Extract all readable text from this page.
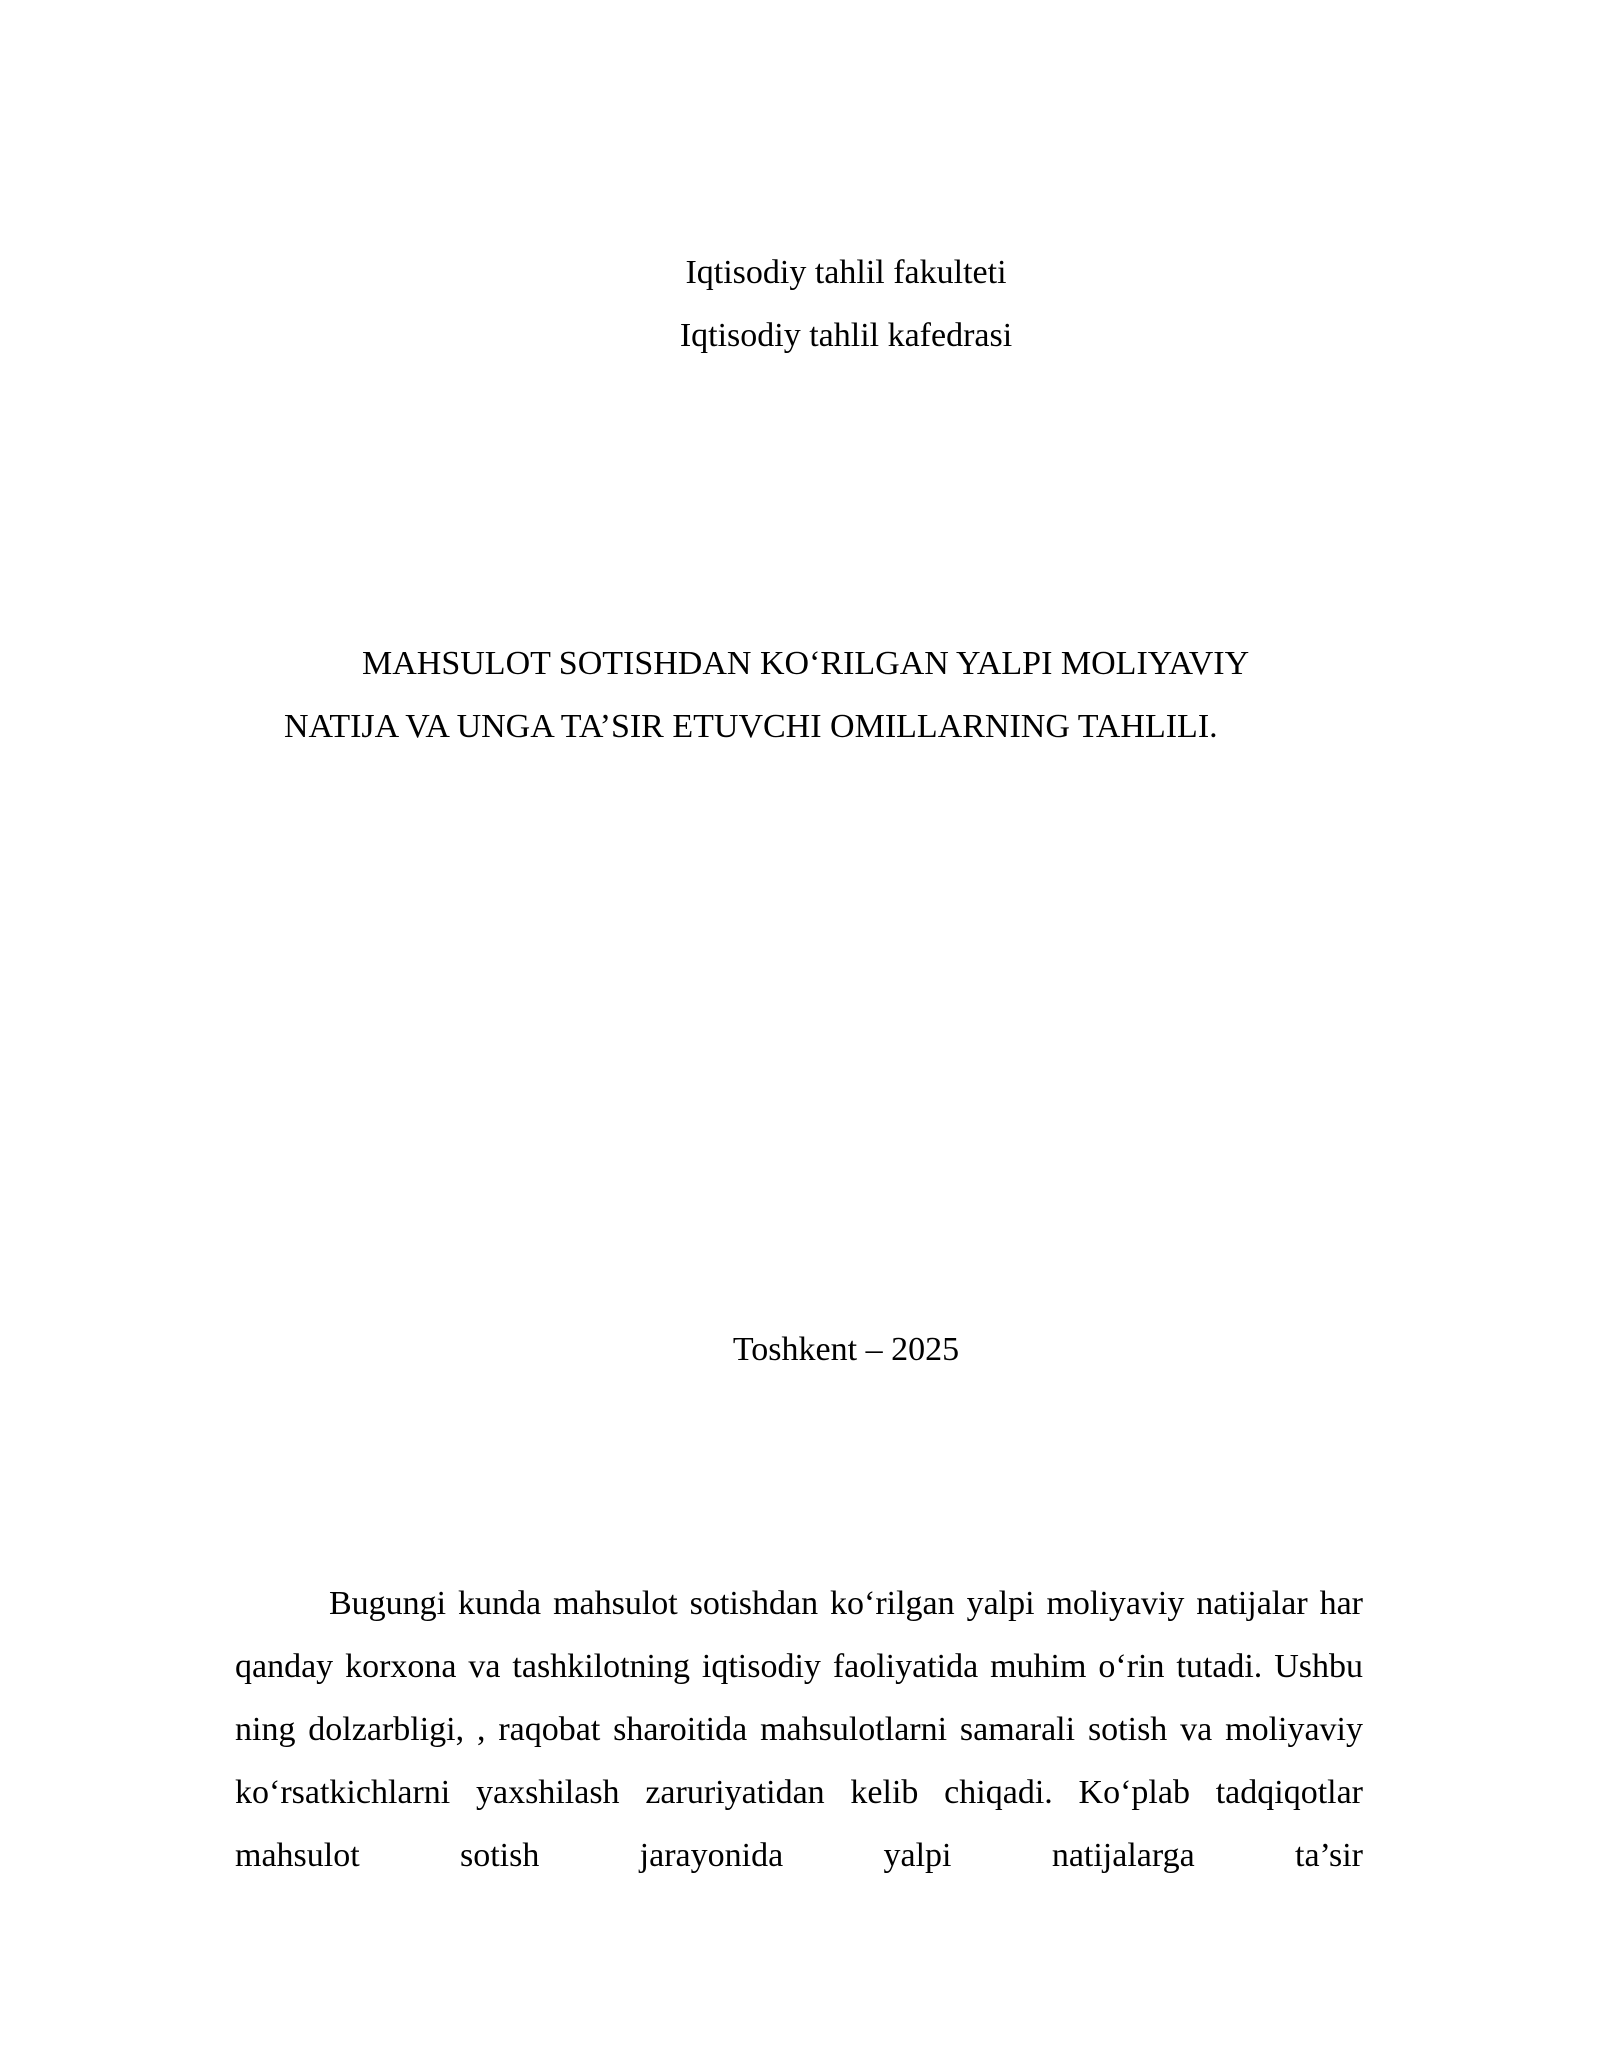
Iqtisodiy tahlil fakulteti
Iqtisodiy tahlil kafedrasi
MAHSULOT SOTISHDAN KO‘RILGAN YALPI MOLIYAVIY
NATIJA VA UNGA TA’SIR ETUVCHI OMILLARNING TAHLILI.
Toshkent – 2025

Bugungi kunda mahsulot sotishdan ko‘rilgan yalpi moliyaviy natijalar har qanday korxona va tashkilotning iqtisodiy faoliyatida muhim o‘rin tutadi. Ushbu ning dolzarbligi, , raqobat sharoitida mahsulotlarni samarali sotish va moliyaviy ko‘rsatkichlarni yaxshilash zaruriyatidan kelib chiqadi. Ko‘plab tadqiqotlar mahsulot sotish jarayonida yalpi natijalarga ta’sir
